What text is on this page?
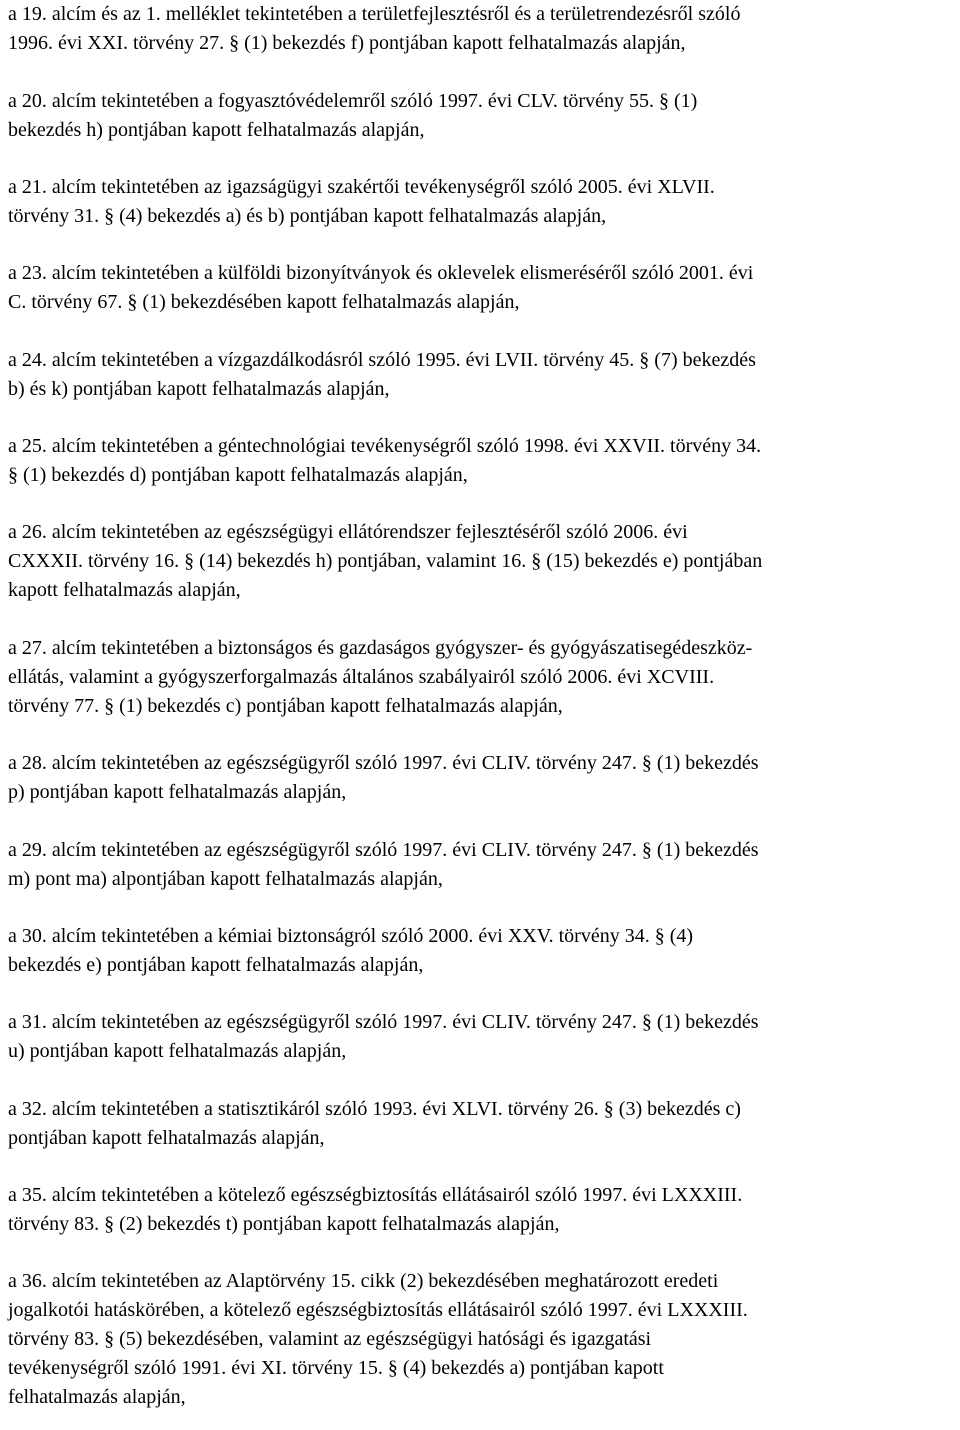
a 19. alcím és az 1. melléklet tekintetében a területfejlesztésről és a területrendezésről szóló
1996. évi XXI. törvény 27. § (1) bekezdés f) pontjában kapott felhatalmazás alapján,
a 20. alcím tekintetében a fogyasztóvédelemről szóló 1997. évi CLV. törvény 55. § (1)
bekezdés h) pontjában kapott felhatalmazás alapján,
a 21. alcím tekintetében az igazságügyi szakértői tevékenységről szóló 2005. évi XLVII.
törvény 31. § (4) bekezdés a) és b) pontjában kapott felhatalmazás alapján,
a 23. alcím tekintetében a külföldi bizonyítványok és oklevelek elismeréséről szóló 2001. évi
C. törvény 67. § (1) bekezdésében kapott felhatalmazás alapján,
a 24. alcím tekintetében a vízgazdálkodásról szóló 1995. évi LVII. törvény 45. § (7) bekezdés
b) és k) pontjában kapott felhatalmazás alapján,
a 25. alcím tekintetében a géntechnológiai tevékenységről szóló 1998. évi XXVII. törvény 34.
§ (1) bekezdés d) pontjában kapott felhatalmazás alapján,
a 26. alcím tekintetében az egészségügyi ellátórendszer fejlesztéséről szóló 2006. évi
CXXXII. törvény 16. § (14) bekezdés h) pontjában, valamint 16. § (15) bekezdés e) pontjában
kapott felhatalmazás alapján,
a 27. alcím tekintetében a biztonságos és gazdaságos gyógyszer- és gyógyászatisegédeszköz-
ellátás, valamint a gyógyszerforgalmazás általános szabályairól szóló 2006. évi XCVIII.
törvény 77. § (1) bekezdés c) pontjában kapott felhatalmazás alapján,
a 28. alcím tekintetében az egészségügyről szóló 1997. évi CLIV. törvény 247. § (1) bekezdés
p) pontjában kapott felhatalmazás alapján,
a 29. alcím tekintetében az egészségügyről szóló 1997. évi CLIV. törvény 247. § (1) bekezdés
m) pont ma) alpontjában kapott felhatalmazás alapján,
a 30. alcím tekintetében a kémiai biztonságról szóló 2000. évi XXV. törvény 34. § (4)
bekezdés e) pontjában kapott felhatalmazás alapján,
a 31. alcím tekintetében az egészségügyről szóló 1997. évi CLIV. törvény 247. § (1) bekezdés
u) pontjában kapott felhatalmazás alapján,
a 32. alcím tekintetében a statisztikáról szóló 1993. évi XLVI. törvény 26. § (3) bekezdés c)
pontjában kapott felhatalmazás alapján,
a 35. alcím tekintetében a kötelező egészségbiztosítás ellátásairól szóló 1997. évi LXXXIII.
törvény 83. § (2) bekezdés t) pontjában kapott felhatalmazás alapján,
a 36. alcím tekintetében az Alaptörvény 15. cikk (2) bekezdésében meghatározott eredeti
jogalkotói hatáskörében, a kötelező egészségbiztosítás ellátásairól szóló 1997. évi LXXXIII.
törvény 83. § (5) bekezdésében, valamint az egészségügyi hatósági és igazgatási
tevékenységről szóló 1991. évi XI. törvény 15. § (4) bekezdés a) pontjában kapott
felhatalmazás alapján,
